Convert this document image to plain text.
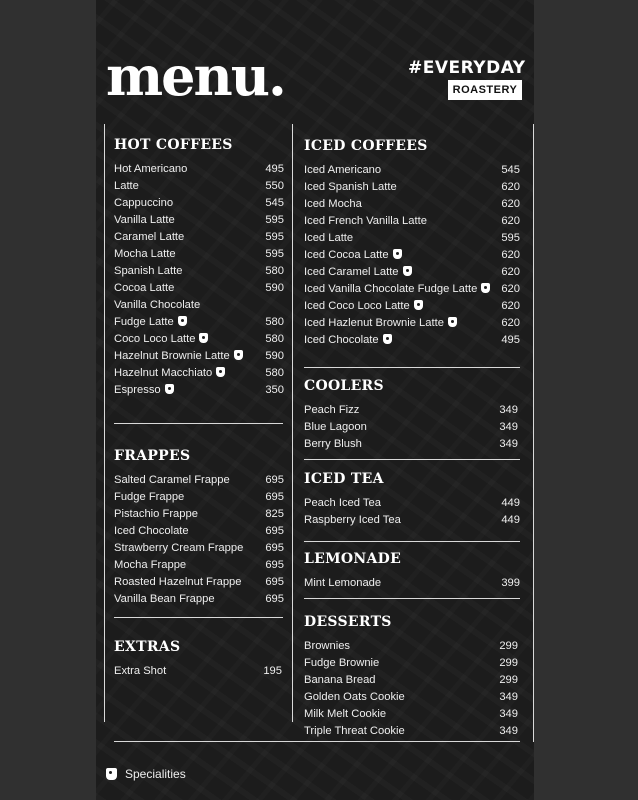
menu.	#EVERYDAY
ROASTERY
HOT COFFEES
Hot Americano	495
Latte	550
Cappuccino	545
Vanilla Latte	595
Caramel Latte	595
Mocha Latte	595
Spanish Latte	580
Cocoa Latte	590
Vanilla Chocolate
Fudge Latte	580
Coco Loco Latte	580
Hazelnut Brownie Latte	590
Hazelnut Macchiato	580
Espresso	350
FRAPPES
Salted Caramel Frappe	695
Fudge Frappe	695
Pistachio Frappe	825
Iced Chocolate	695
Strawberry Cream Frappe 695
Mocha Frappe	695
Roasted Hazelnut Frappe 695
Vanilla Bean Frappe	695
EXTRAS
Extra Shot	195
ICED COFFEES
Iced Americano	545
Iced Spanish Latte	620
Iced Mocha	620
Iced French Vanilla Latte	620
Iced Latte	595
Iced Cocoa Latte	620
Iced Caramel Latte	620
Iced Vanilla Chocolate Fudge Latte 620
Iced Coco Loco Latte	620
Iced Hazlenut Brownie Latte	620
Iced Chocolate	495
COOLERS
Peach Fizz	349
Blue Lagoon	349
Berry Blush	349
ICED TEA
Peach Iced Tea	449
Raspberry Iced Tea	449
LEMONADE
Mint Lemonade	399
DESSERTS
Brownies	299
Fudge Brownie	299
Banana Bread	299
Golden Oats Cookie	349
Milk Melt Cookie	349
Triple Threat Cookie	349
Specialities
